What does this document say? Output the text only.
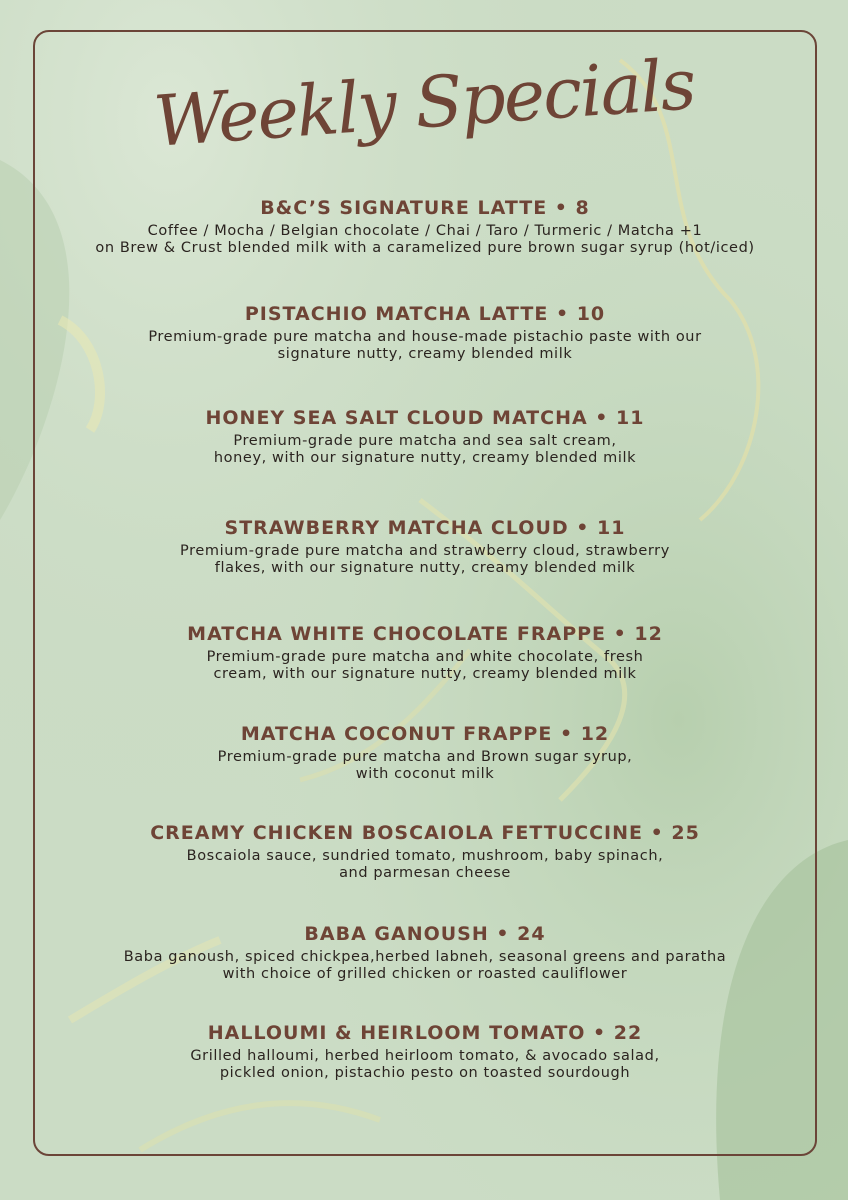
Weekly Specials
B&C’S SIGNATURE LATTE • 8
Coffee / Mocha / Belgian chocolate / Chai / Taro / Turmeric / Matcha +1
on Brew & Crust blended milk with a caramelized pure brown sugar syrup (hot/iced)
PISTACHIO MATCHA LATTE • 10
Premium-grade pure matcha and house-made pistachio paste with our
signature nutty, creamy blended milk
HONEY SEA SALT CLOUD MATCHA • 11
Premium-grade pure matcha and sea salt cream,
honey, with our signature nutty, creamy blended milk
STRAWBERRY MATCHA CLOUD • 11
Premium-grade pure matcha and strawberry cloud, strawberry
flakes, with our signature nutty, creamy blended milk
MATCHA WHITE CHOCOLATE FRAPPE • 12
Premium-grade pure matcha and white chocolate, fresh
cream, with our signature nutty, creamy blended milk
MATCHA COCONUT FRAPPE • 12
Premium-grade pure matcha and Brown sugar syrup,
with coconut milk
CREAMY CHICKEN BOSCAIOLA FETTUCCINE • 25
Boscaiola sauce, sundried tomato, mushroom, baby spinach,
and parmesan cheese
BABA GANOUSH • 24
Baba ganoush, spiced chickpea,herbed labneh, seasonal greens and paratha
with choice of grilled chicken or roasted cauliflower
HALLOUMI & HEIRLOOM TOMATO • 22
Grilled halloumi, herbed heirloom tomato, & avocado salad,
pickled onion, pistachio pesto on toasted sourdough
